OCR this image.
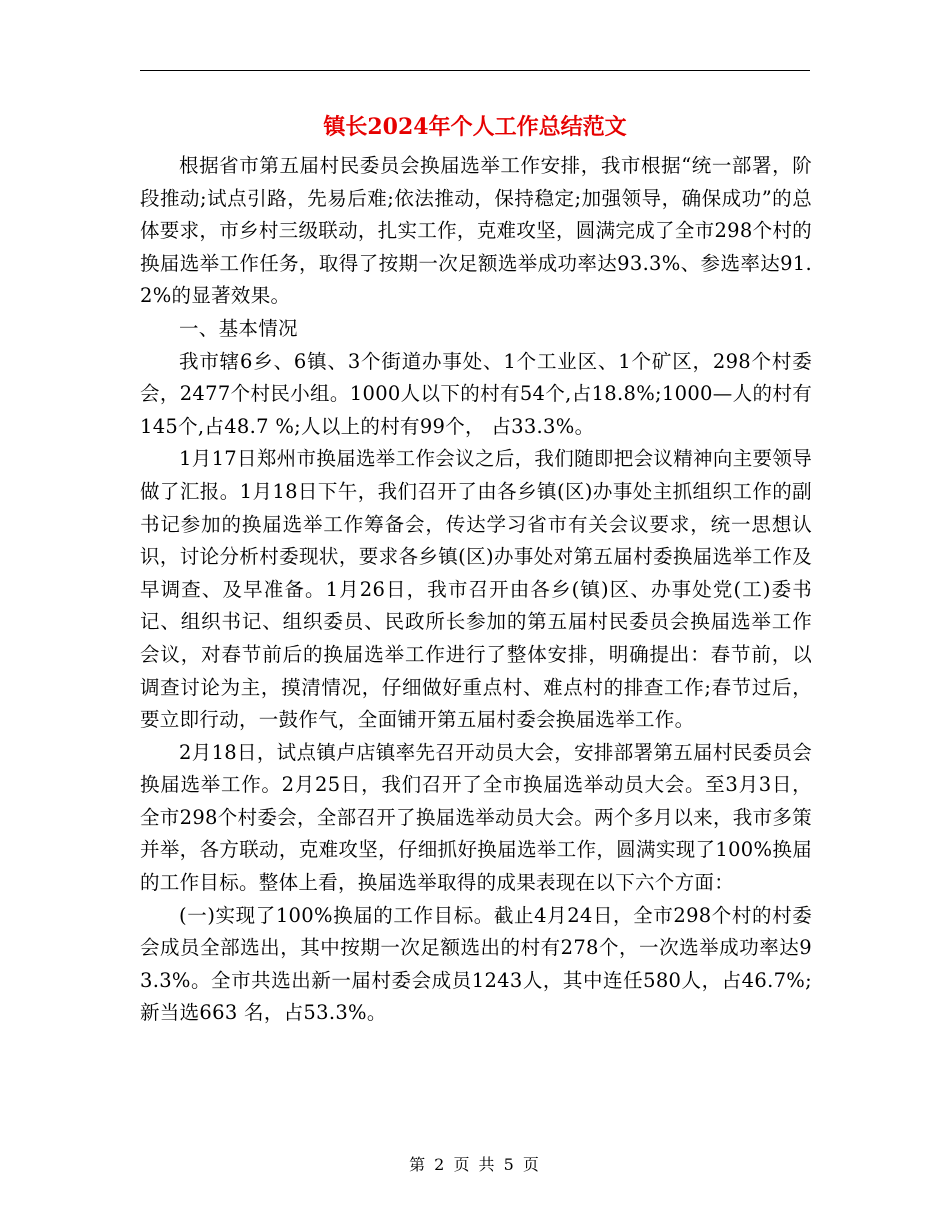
镇长2024年个人工作总结范文

根据省市第五届村民委员会换届选举工作安排，我市根据“统一部署，阶段推动;试点引路，先易后难;依法推动，保持稳定;加强领导，确保成功”的总体要求，市乡村三级联动，扎实工作，克难攻坚，圆满完成了全市298个村的换届选举工作任务，取得了按期一次足额选举成功率达93.3%、参选率达91.2%的显著效果。

一、基本情况

我市辖6乡、6镇、3个街道办事处、1个工业区、1个矿区，298个村委会，2477个村民小组。1000人以下的村有54个,占18.8%;1000—人的村有145个,占48.7 %;人以上的村有99个， 占33.3%。

1月17日郑州市换届选举工作会议之后，我们随即把会议精神向主要领导做了汇报。1月18日下午，我们召开了由各乡镇(区)办事处主抓组织工作的副书记参加的换届选举工作筹备会，传达学习省市有关会议要求，统一思想认识，讨论分析村委现状，要求各乡镇(区)办事处对第五届村委换届选举工作及早调查、及早准备。1月26日，我市召开由各乡(镇)区、办事处党(工)委书记、组织书记、组织委员、民政所长参加的第五届村民委员会换届选举工作会议，对春节前后的换届选举工作进行了整体安排，明确提出：春节前，以调查讨论为主，摸清情况，仔细做好重点村、难点村的排查工作;春节过后，要立即行动，一鼓作气，全面铺开第五届村委会换届选举工作。

2月18日，试点镇卢店镇率先召开动员大会，安排部署第五届村民委员会换届选举工作。2月25日，我们召开了全市换届选举动员大会。至3月3日，全市298个村委会，全部召开了换届选举动员大会。两个多月以来，我市多策并举，各方联动，克难攻坚，仔细抓好换届选举工作，圆满实现了100%换届的工作目标。整体上看，换届选举取得的成果表现在以下六个方面：

(一)实现了100%换届的工作目标。截止4月24日，全市298个村的村委会成员全部选出，其中按期一次足额选出的村有278个，一次选举成功率达93.3%。全市共选出新一届村委会成员1243人，其中连任580人，占46.7%;新当选663 名，占53.3%。

第 2 页 共 5 页
